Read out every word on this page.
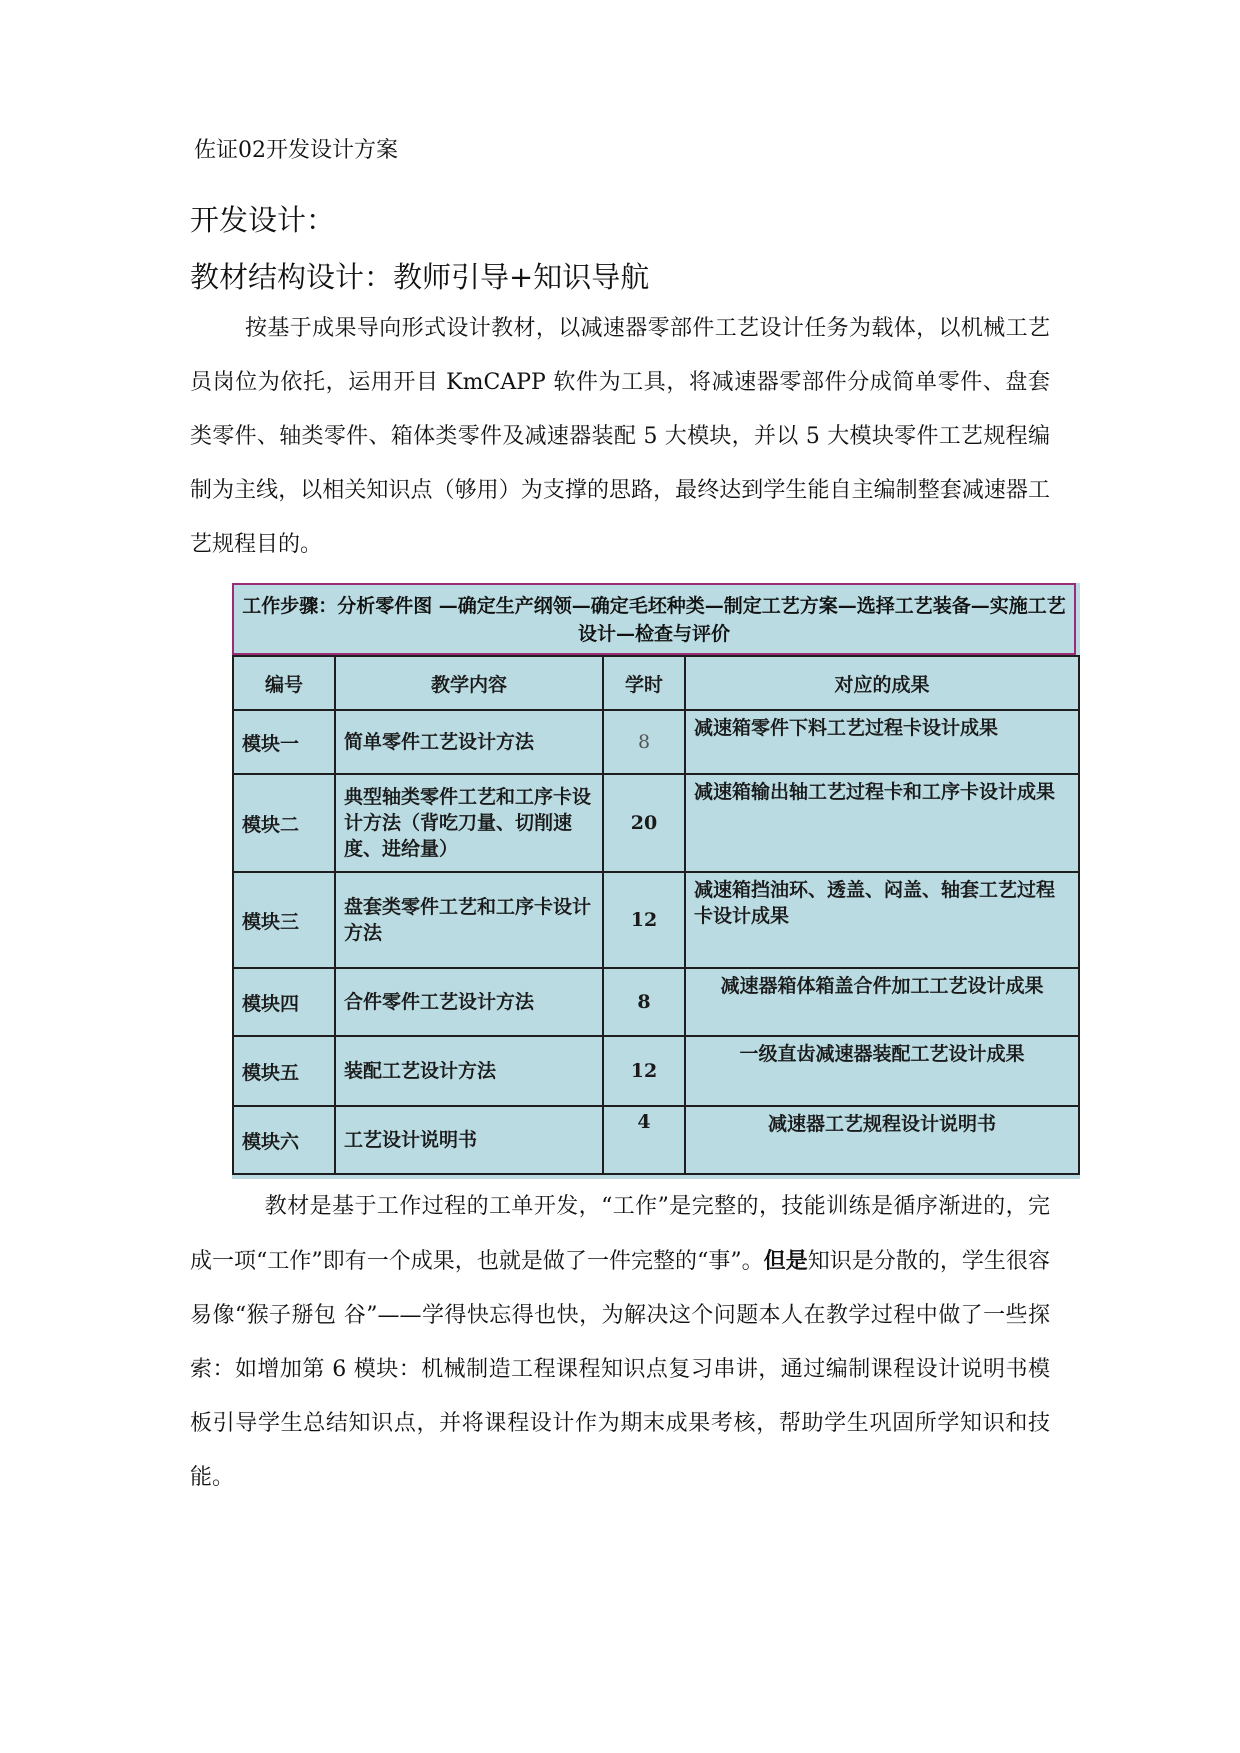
佐证02开发设计方案
开发设计：
教材结构设计：教师引导+知识导航
按基于成果导向形式设计教材，以减速器零部件工艺设计任务为载体，以机械工艺员岗位为依托，运用开目 KmCAPP 软件为工具，将减速器零部件分成简单零件、盘套类零件、轴类零件、箱体类零件及减速器装配 5 大模块，并以 5 大模块零件工艺规程编制为主线，以相关知识点（够用）为支撑的思路，最终达到学生能自主编制整套减速器工艺规程目的。
工作步骤：分析零件图 —确定生产纲领—确定毛坯种类—制定工艺方案—选择工艺装备—实施工艺设计—检查与评价
编号	教学内容	学时	对应的成果
模块一	简单零件工艺设计方法	8	减速箱零件下料工艺过程卡设计成果
模块二	典型轴类零件工艺和工序卡设计方法（背吃刀量、切削速度、进给量）	20	减速箱输出轴工艺过程卡和工序卡设计成果
模块三	盘套类零件工艺和工序卡设计方法	12	减速箱挡油环、透盖、闷盖、轴套工艺过程卡设计成果
模块四	合件零件工艺设计方法	8	减速器箱体箱盖合件加工工艺设计成果
模块五	装配工艺设计方法	12	一级直齿减速器装配工艺设计成果
模块六	工艺设计说明书	4	减速器工艺规程设计说明书
教材是基于工作过程的工单开发，“工作”是完整的，技能训练是循序渐进的，完成一项“工作”即有一个成果，也就是做了一件完整的“事”。但是知识是分散的，学生很容易像“猴子掰包 谷”——学得快忘得也快，为解决这个问题本人在教学过程中做了一些探索：如增加第 6 模块：机械制造工程课程知识点复习串讲，通过编制课程设计说明书模板引导学生总结知识点，并将课程设计作为期末成果考核，帮助学生巩固所学知识和技能。
